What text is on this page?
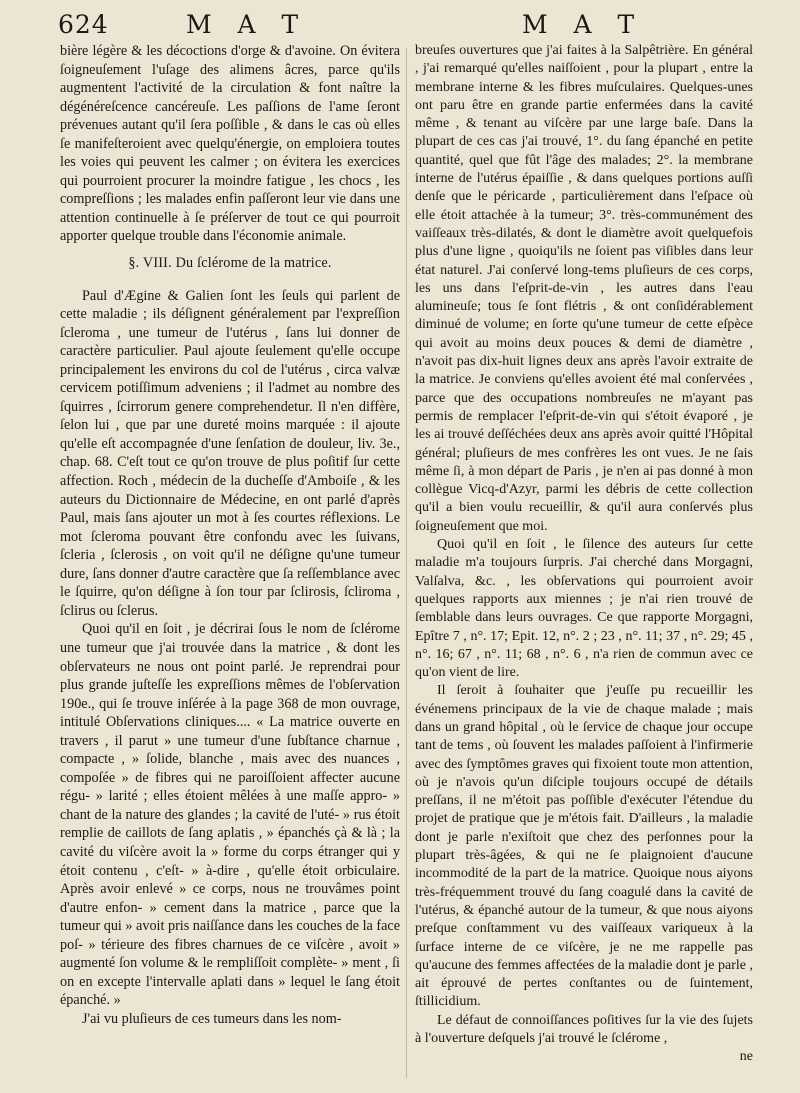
624	M A T	M A T

bière légère & les décoctions d'orge & d'avoine. On évitera ſoigneuſement l'uſage des alimens âcres, parce qu'ils augmentent l'activité de la circulation & font naître la dégénéreſcence cancéreuſe. Les paſſions de l'ame ſeront prévenues autant qu'il ſera poſſible , & dans le cas où elles ſe manifeſteroient avec quelqu'énergie, on emploiera toutes les voies qui peuvent les calmer ; on évitera les exercices qui pourroient procurer la moindre fatigue , les chocs , les compreſſions ; les malades enfin paſſeront leur vie dans une attention continuelle à ſe préſerver de tout ce qui pourroit apporter quelque trouble dans l'économie animale.

§. VIII. Du ſclérome de la matrice.

Paul d'Ægine & Galien ſont les ſeuls qui parlent de cette maladie ; ils déſignent généralement par l'expreſſion ſcleroma , une tumeur de l'utérus , ſans lui donner de caractère particulier. Paul ajoute ſeulement qu'elle occupe principalement les environs du col de l'utérus , circa valvæ cervicem potiſſimum adveniens ; il l'admet au nombre des ſquirres , ſcirrorum genere comprehendetur. Il n'en diffère, ſelon lui , que par une dureté moins marquée : il ajoute qu'elle eſt accompagnée d'une ſenſation de douleur, liv. 3e., chap. 68. C'eſt tout ce qu'on trouve de plus poſitif ſur cette affection. Roch , médecin de la ducheſſe d'Amboiſe , & les auteurs du Dictionnaire de Médecine, en ont parlé d'après Paul, mais ſans ajouter un mot à ſes courtes réflexions. Le mot ſcleroma pouvant être confondu avec les ſuivans, ſcleria , ſclerosis , on voit qu'il ne déſigne qu'une tumeur dure, ſans donner d'autre caractère que ſa reſſemblance avec le ſquirre, qu'on déſigne à ſon tour par ſclirosis, ſcliroma , ſclirus ou ſclerus.

Quoi qu'il en ſoit , je décrirai ſous le nom de ſclérome une tumeur que j'ai trouvée dans la matrice , & dont les obſervateurs ne nous ont point parlé. Je reprendrai pour plus grande juſteſſe les expreſſions mêmes de l'obſervation 190e., qui ſe trouve inſérée à la page 368 de mon ouvrage, intitulé Obſervations cliniques.... « La matrice ouverte en travers , il parut » une tumeur d'une ſubſtance charnue , compacte , » ſolide, blanche , mais avec des nuances , compoſée » de fibres qui ne paroiſſoient affecter aucune régu- » larité ; elles étoient mêlées à une maſſe appro- » chant de la nature des glandes ; la cavité de l'uté- » rus étoit remplie de caillots de ſang aplatis , » épanchés çà & là ; la cavité du viſcère avoit la » forme du corps étranger qui y étoit contenu , c'eſt- » à-dire , qu'elle étoit orbiculaire. Après avoir enlevé » ce corps, nous ne trouvâmes point d'autre enfon- » cement dans la matrice , parce que la tumeur qui » avoit pris naiſſance dans les couches de la face poſ- » térieure des fibres charnues de ce viſcère , avoit » augmenté ſon volume & le rempliſſoit complète- » ment , ſi on en excepte l'intervalle aplati dans » lequel le ſang étoit épanché. »

J'ai vu pluſieurs de ces tumeurs dans les nom-

breuſes ouvertures que j'ai faites à la Salpêtrière. En général , j'ai remarqué qu'elles naiſſoient , pour la plupart , entre la membrane interne & les fibres muſculaires. Quelques-unes ont paru être en grande partie enfermées dans la cavité même , & tenant au viſcère par une large baſe. Dans la plupart de ces cas j'ai trouvé, 1°. du ſang épanché en petite quantité, quel que fût l'âge des malades; 2°. la membrane interne de l'utérus épaiſſie , & dans quelques portions auſſi denſe que le péricarde , particulièrement dans l'eſpace où elle étoit attachée à la tumeur; 3°. très-communément des vaiſſeaux très-dilatés, & dont le diamètre avoit quelquefois plus d'une ligne , quoiqu'ils ne ſoient pas viſibles dans leur état naturel. J'ai conſervé long-tems pluſieurs de ces corps, les uns dans l'eſprit-de-vin , les autres dans l'eau alumineuſe; tous ſe ſont flétris , & ont conſidérablement diminué de volume; en ſorte qu'une tumeur de cette eſpèce qui avoit au moins deux pouces & demi de diamètre , n'avoit pas dix-huit lignes deux ans après l'avoir extraite de la matrice. Je conviens qu'elles avoient été mal conſervées , parce que des occupations nombreuſes ne m'ayant pas permis de remplacer l'eſprit-de-vin qui s'étoit évaporé , je les ai trouvé deſſéchées deux ans après avoir quitté l'Hôpital général; pluſieurs de mes confrères les ont vues. Je ne ſais même ſi, à mon départ de Paris , je n'en ai pas donné à mon collègue Vicq-d'Azyr, parmi les débris de cette collection qu'il a bien voulu recueillir, & qu'il aura conſervés plus ſoigneuſement que moi.

Quoi qu'il en ſoit , le ſilence des auteurs ſur cette maladie m'a toujours ſurpris. J'ai cherché dans Morgagni, Valſalva, &c. , les obſervations qui pourroient avoir quelques rapports aux miennes ; je n'ai rien trouvé de ſemblable dans leurs ouvrages. Ce que rapporte Morgagni, Epître 7 , n°. 17; Epit. 12, n°. 2 ; 23 , n°. 11; 37 , n°. 29; 45 , n°. 16; 67 , n°. 11; 68 , n°. 6 , n'a rien de commun avec ce qu'on vient de lire.

Il ſeroit à ſouhaiter que j'euſſe pu recueillir les événemens principaux de la vie de chaque malade ; mais dans un grand hôpital , où le ſervice de chaque jour occupe tant de tems , où ſouvent les malades paſſoient à l'infirmerie avec des ſymptômes graves qui fixoient toute mon attention, où je n'avois qu'un diſciple toujours occupé de détails preſſans, il ne m'étoit pas poſſible d'exécuter l'étendue du projet de pratique que je m'étois fait. D'ailleurs , la maladie dont je parle n'exiſtoit que chez des perſonnes pour la plupart très-âgées, & qui ne ſe plaignoient d'aucune incommodité de la part de la matrice. Quoique nous aiyons très-fréquemment trouvé du ſang coagulé dans la cavité de l'utérus, & épanché autour de la tumeur, & que nous aiyons preſque conſtamment vu des vaiſſeaux variqueux à la ſurface interne de ce viſcère, je ne me rappelle pas qu'aucune des femmes affectées de la maladie dont je parle , ait éprouvé de pertes conſtantes ou de ſuintement, ſtillicidium.

Le défaut de connoiſſances poſitives ſur la vie des ſujets à l'ouverture deſquels j'ai trouvé le ſclérome ,

ne
